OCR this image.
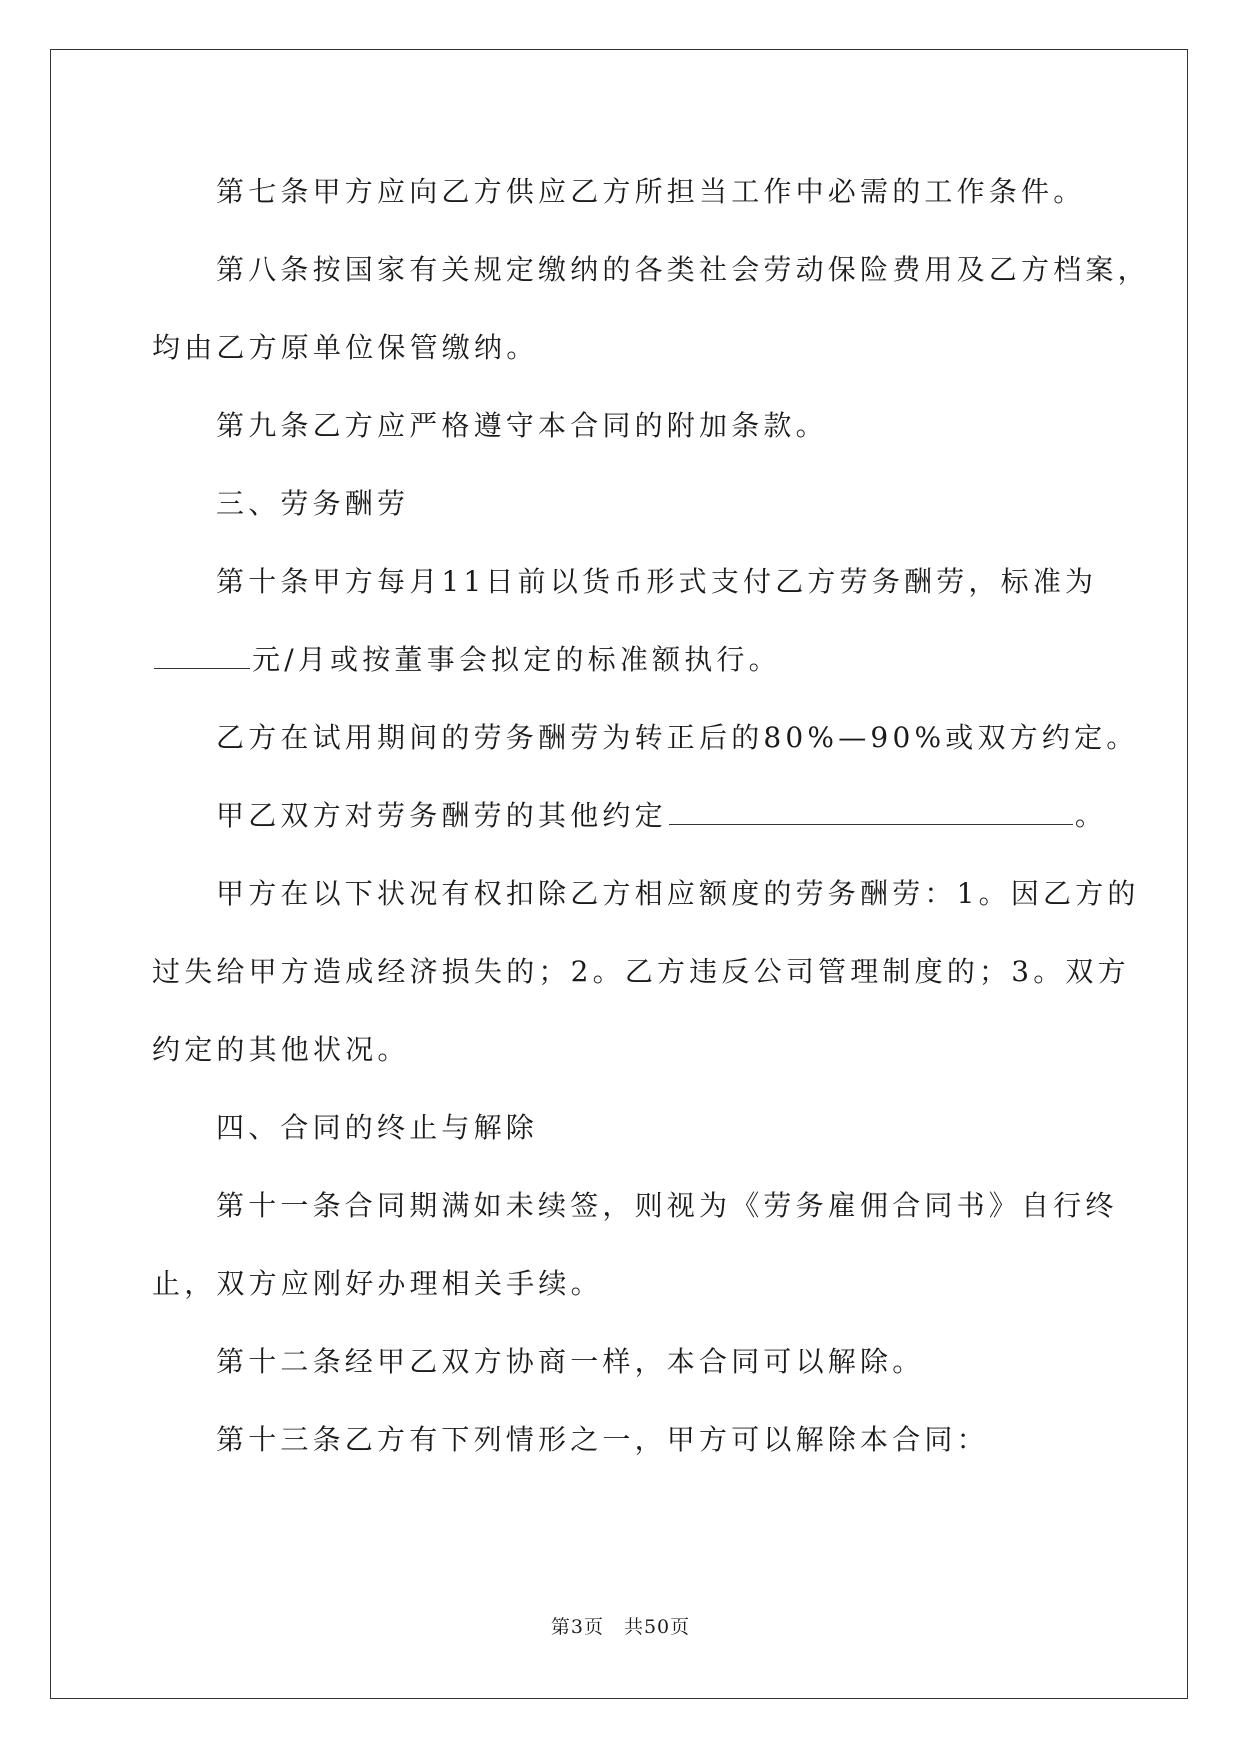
第七条甲方应向乙方供应乙方所担当工作中必需的工作条件。
第八条按国家有关规定缴纳的各类社会劳动保险费用及乙方档案，
均由乙方原单位保管缴纳。
第九条乙方应严格遵守本合同的附加条款。
三、劳务酬劳
第十条甲方每月11日前以货币形式支付乙方劳务酬劳，标准为
元/月或按董事会拟定的标准额执行。
乙方在试用期间的劳务酬劳为转正后的80%—90%或双方约定。
甲乙双方对劳务酬劳的其他约定	。
甲方在以下状况有权扣除乙方相应额度的劳务酬劳：1。因乙方的
过失给甲方造成经济损失的；2。乙方违反公司管理制度的；3。双方
约定的其他状况。
四、合同的终止与解除
第十一条合同期满如未续签，则视为《劳务雇佣合同书》自行终
止，双方应刚好办理相关手续。
第十二条经甲乙双方协商一样，本合同可以解除。
第十三条乙方有下列情形之一，甲方可以解除本合同：
第3页 共50页
